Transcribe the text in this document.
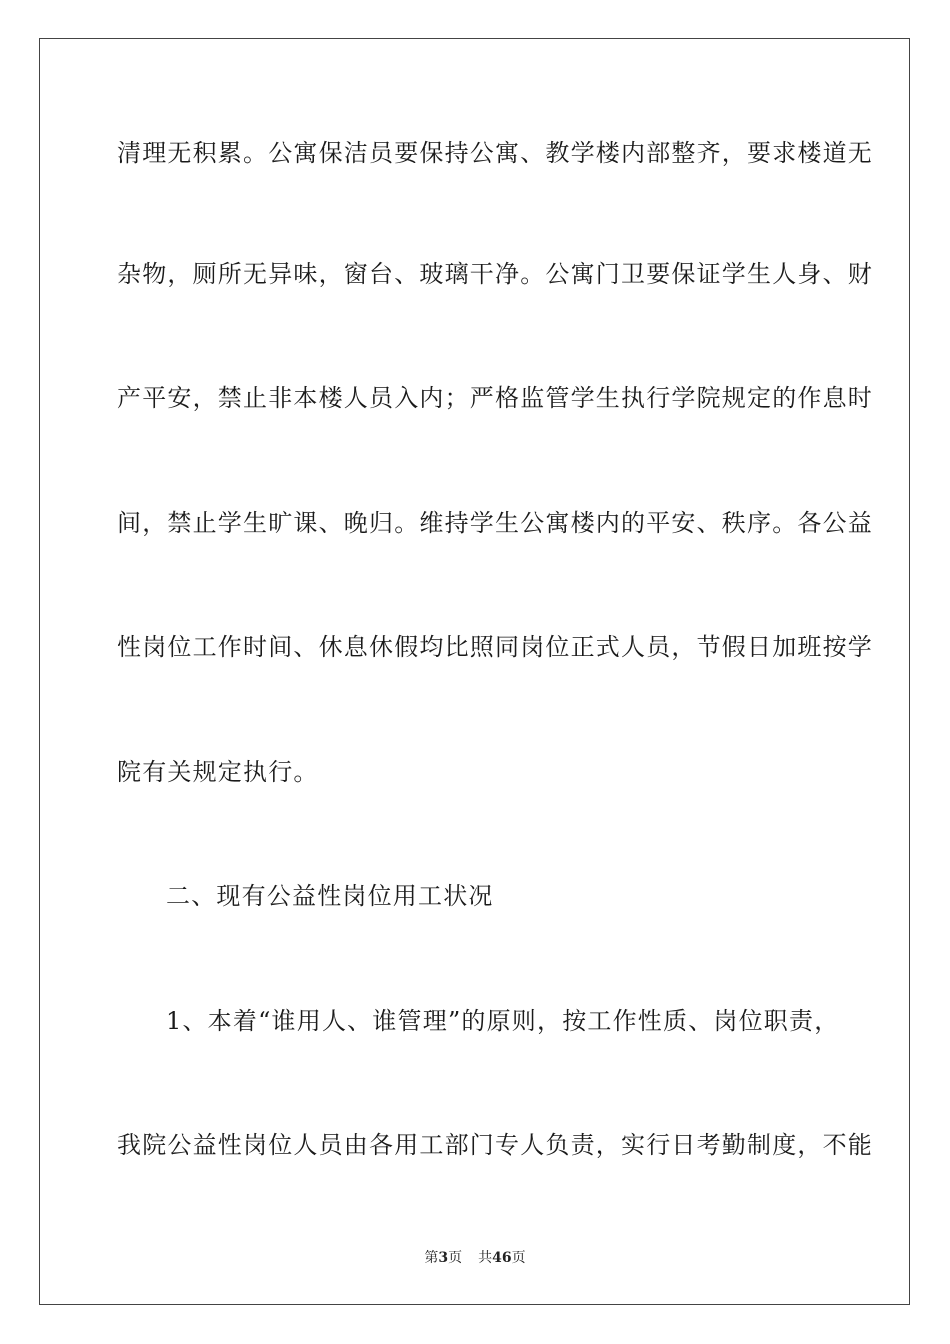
清理无积累。公寓保洁员要保持公寓、教学楼内部整齐，要求楼道无
杂物，厕所无异味，窗台、玻璃干净。公寓门卫要保证学生人身、财
产平安，禁止非本楼人员入内；严格监管学生执行学院规定的作息时
间，禁止学生旷课、晚归。维持学生公寓楼内的平安、秩序。各公益
性岗位工作时间、休息休假均比照同岗位正式人员，节假日加班按学
院有关规定执行。
二、现有公益性岗位用工状况
1、本着“谁用人、谁管理”的原则，按工作性质、岗位职责，
我院公益性岗位人员由各用工部门专人负责，实行日考勤制度，不能
第3页 共46页
